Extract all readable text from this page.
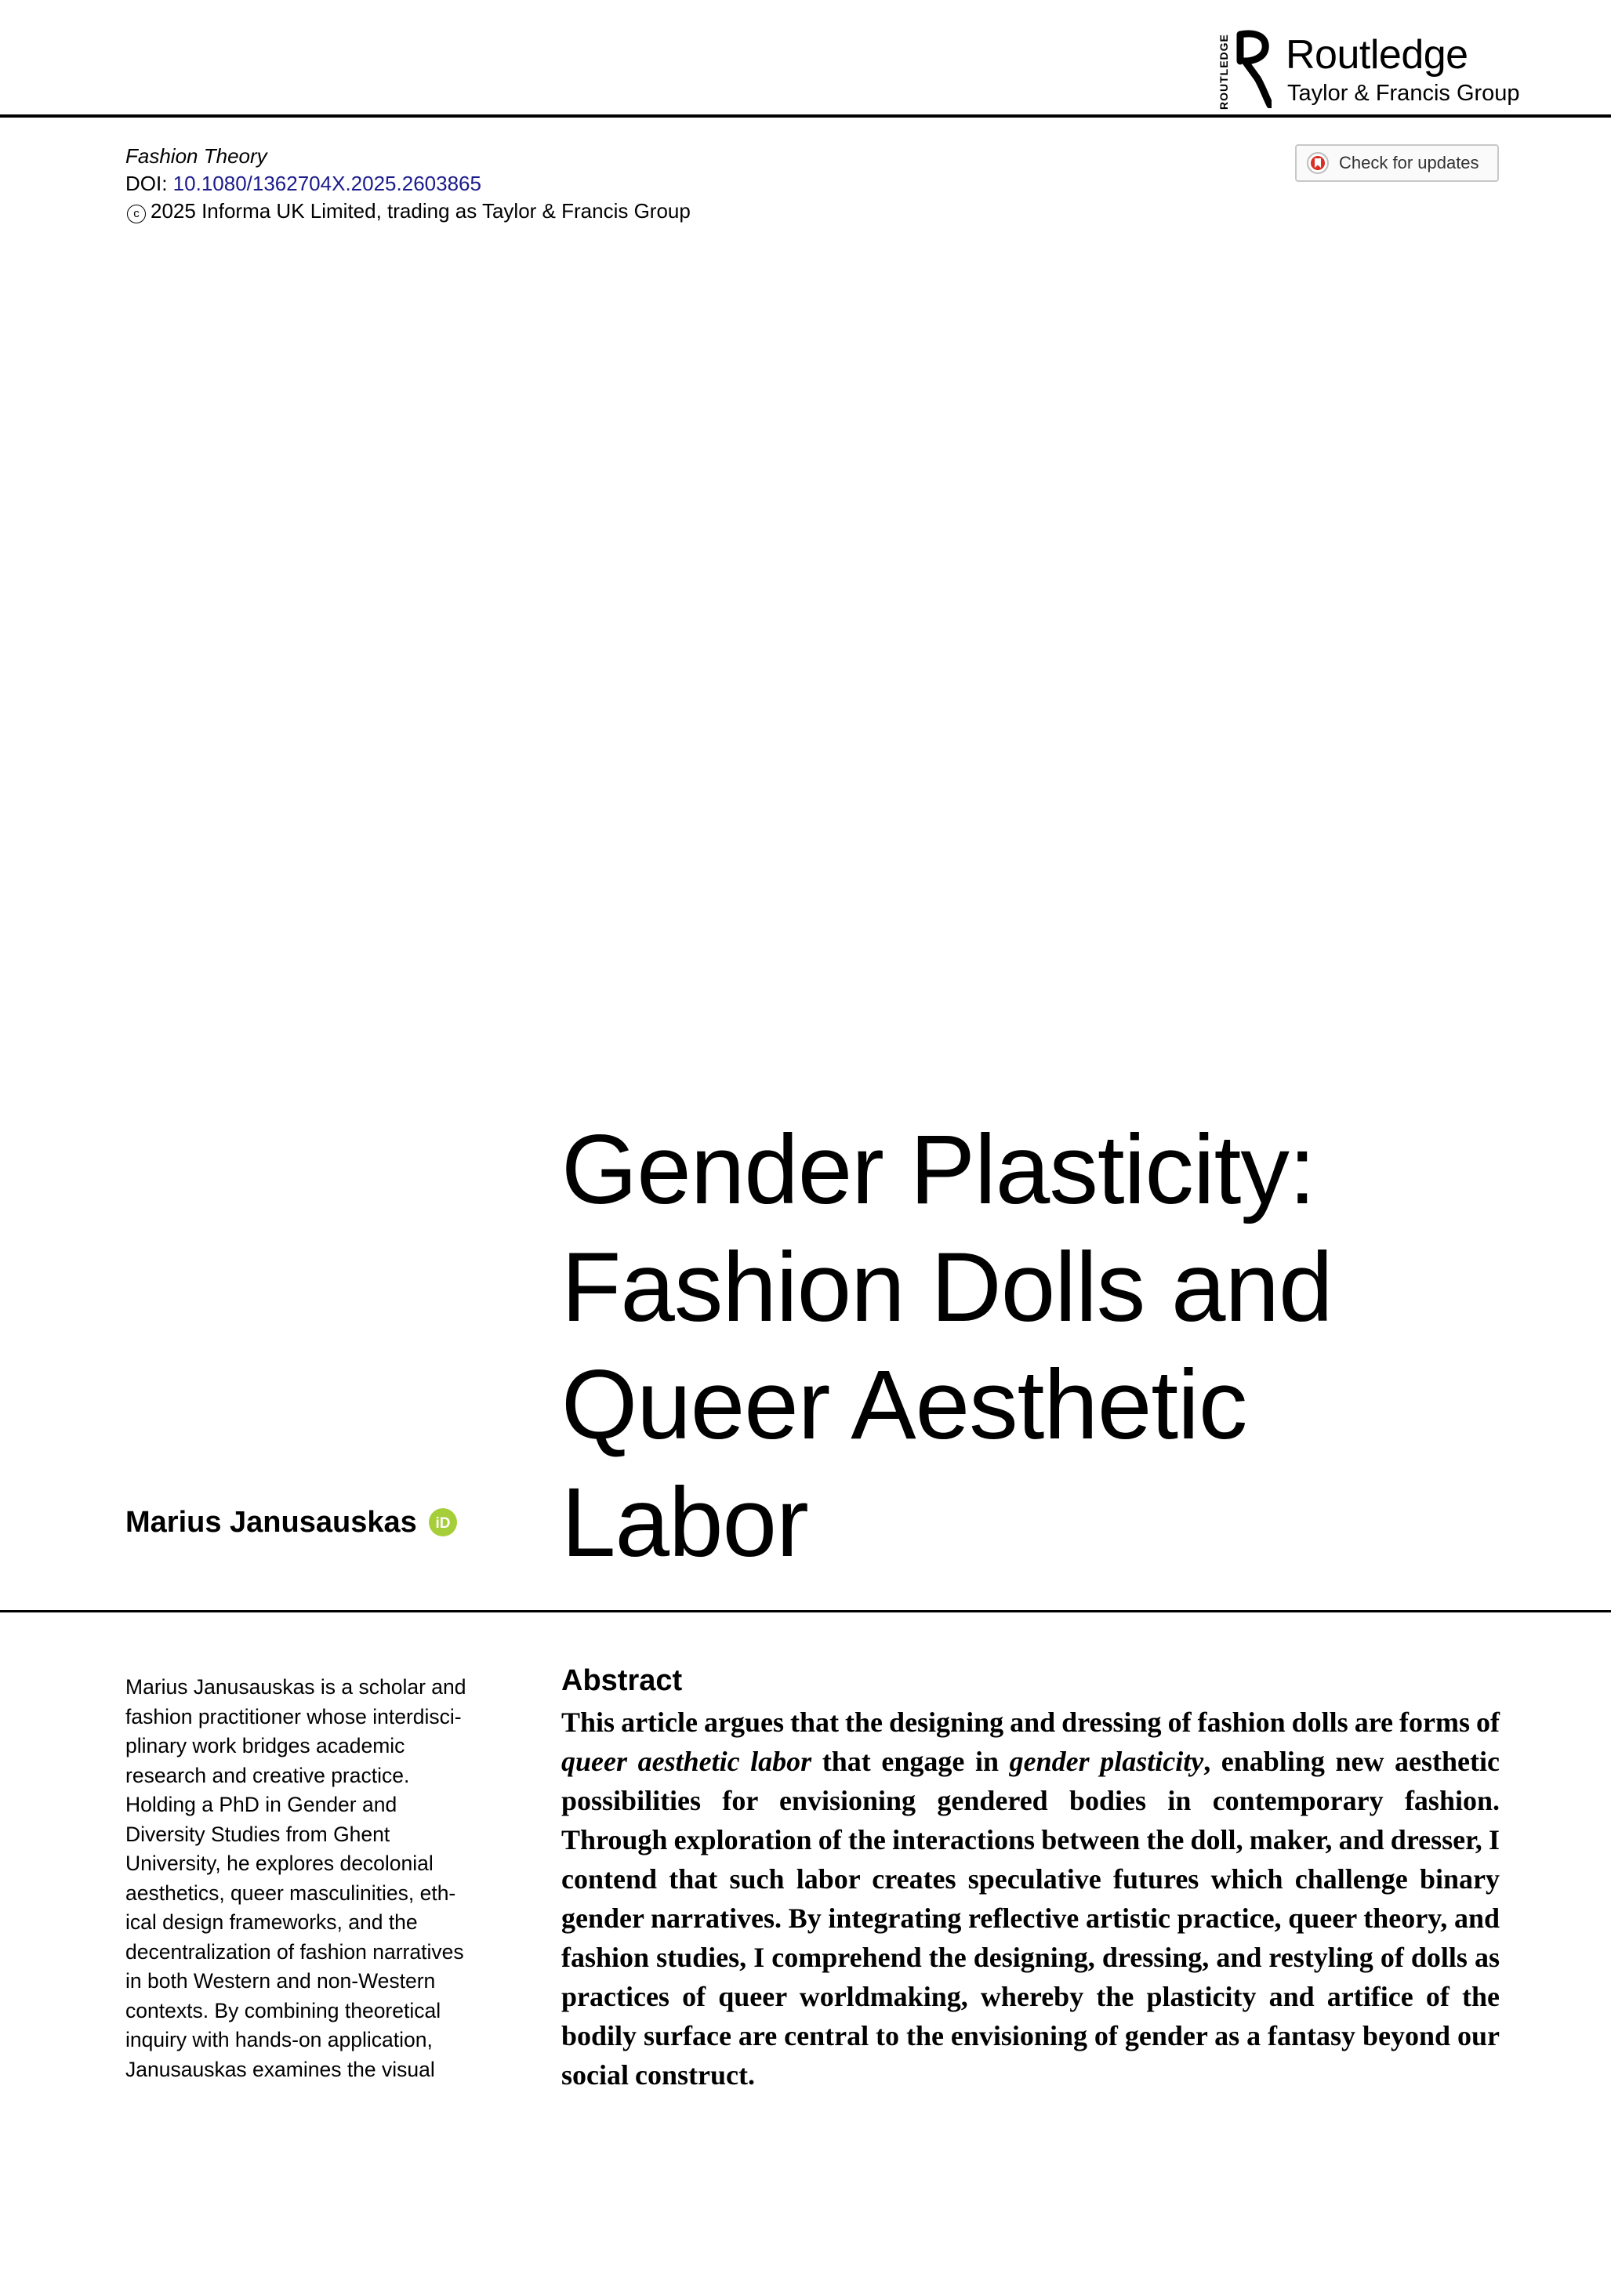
ROUTLEDGE Routledge
Taylor & Francis Group
Fashion Theory
DOI: 10.1080/1362704X.2025.2603865
c 2025 Informa UK Limited, trading as Taylor & Francis Group
Check for updates
Gender Plasticity:
Fashion Dolls and
Queer Aesthetic
Labor
Marius Janusauskas iD
Marius Janusauskas is a scholar and
fashion practitioner whose interdisci-
plinary work bridges academic
research and creative practice.
Holding a PhD in Gender and
Diversity Studies from Ghent
University, he explores decolonial
aesthetics, queer masculinities, eth-
ical design frameworks, and the
decentralization of fashion narratives
in both Western and non-Western
contexts. By combining theoretical
inquiry with hands-on application,
Janusauskas examines the visual
Abstract

This article argues that the designing and dressing of fashion dolls are forms of queer aesthetic labor that engage in gender plasticity, enabling new aesthetic possibilities for envisioning gendered bodies in contemporary fashion. Through exploration of the interactions between the doll, maker, and dresser, I contend that such labor creates speculative futures which challenge binary gender narratives. By integrating reflective artistic practice, queer theory, and fashion studies, I comprehend the designing, dressing, and restyling of dolls as practices of queer worldmaking, whereby the plasticity and artifice of the bodily surface are central to the envisioning of gender as a fantasy beyond our social construct.
